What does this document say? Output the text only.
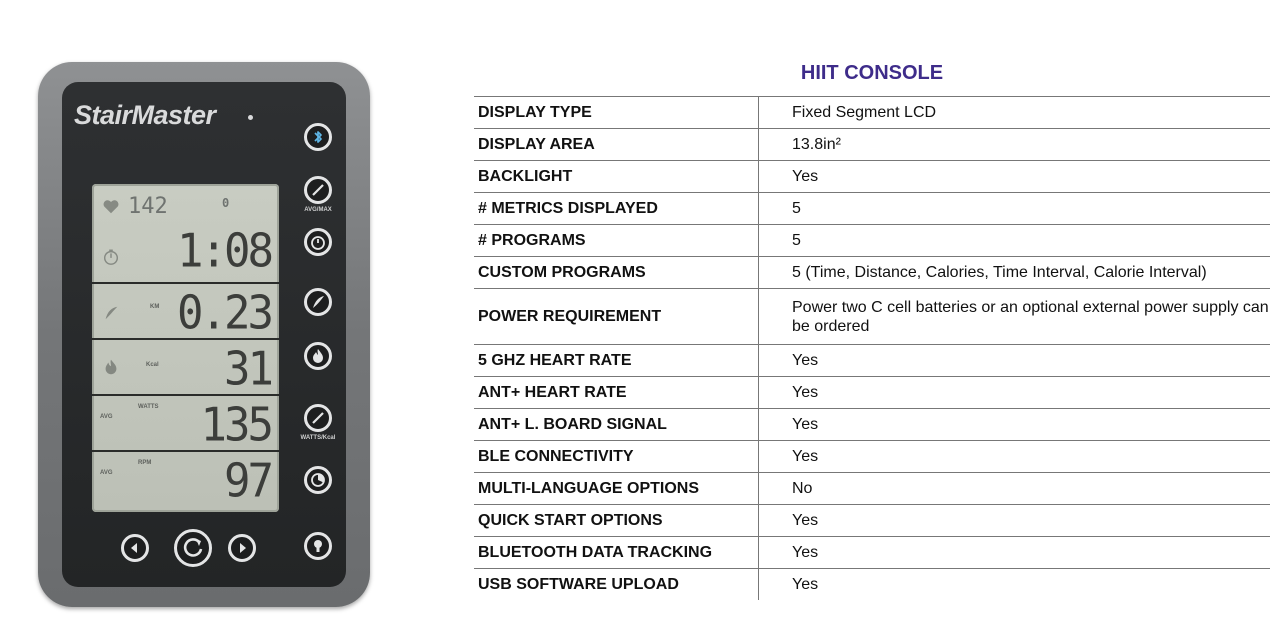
StairMaster
142	0
1:08
KM 0.23
Kcal 31
AVG
WATTS 135
AVG
RPM 97
AVG/MAX
WATTS/Kcal
HIIT CONSOLE
DISPLAY TYPE	Fixed Segment LCD
DISPLAY AREA	13.8in²
BACKLIGHT	Yes
# METRICS DISPLAYED	5
# PROGRAMS	5
CUSTOM PROGRAMS	5 (Time, Distance, Calories, Time Interval, Calorie Interval)
POWER REQUIREMENT	Power two C cell batteries or an optional external power supply can be ordered
5 GHZ HEART RATE	Yes
ANT+ HEART RATE	Yes
ANT+ L. BOARD SIGNAL	Yes
BLE CONNECTIVITY	Yes
MULTI-LANGUAGE OPTIONS	No
QUICK START OPTIONS	Yes
BLUETOOTH DATA TRACKING	Yes
USB SOFTWARE UPLOAD	Yes
